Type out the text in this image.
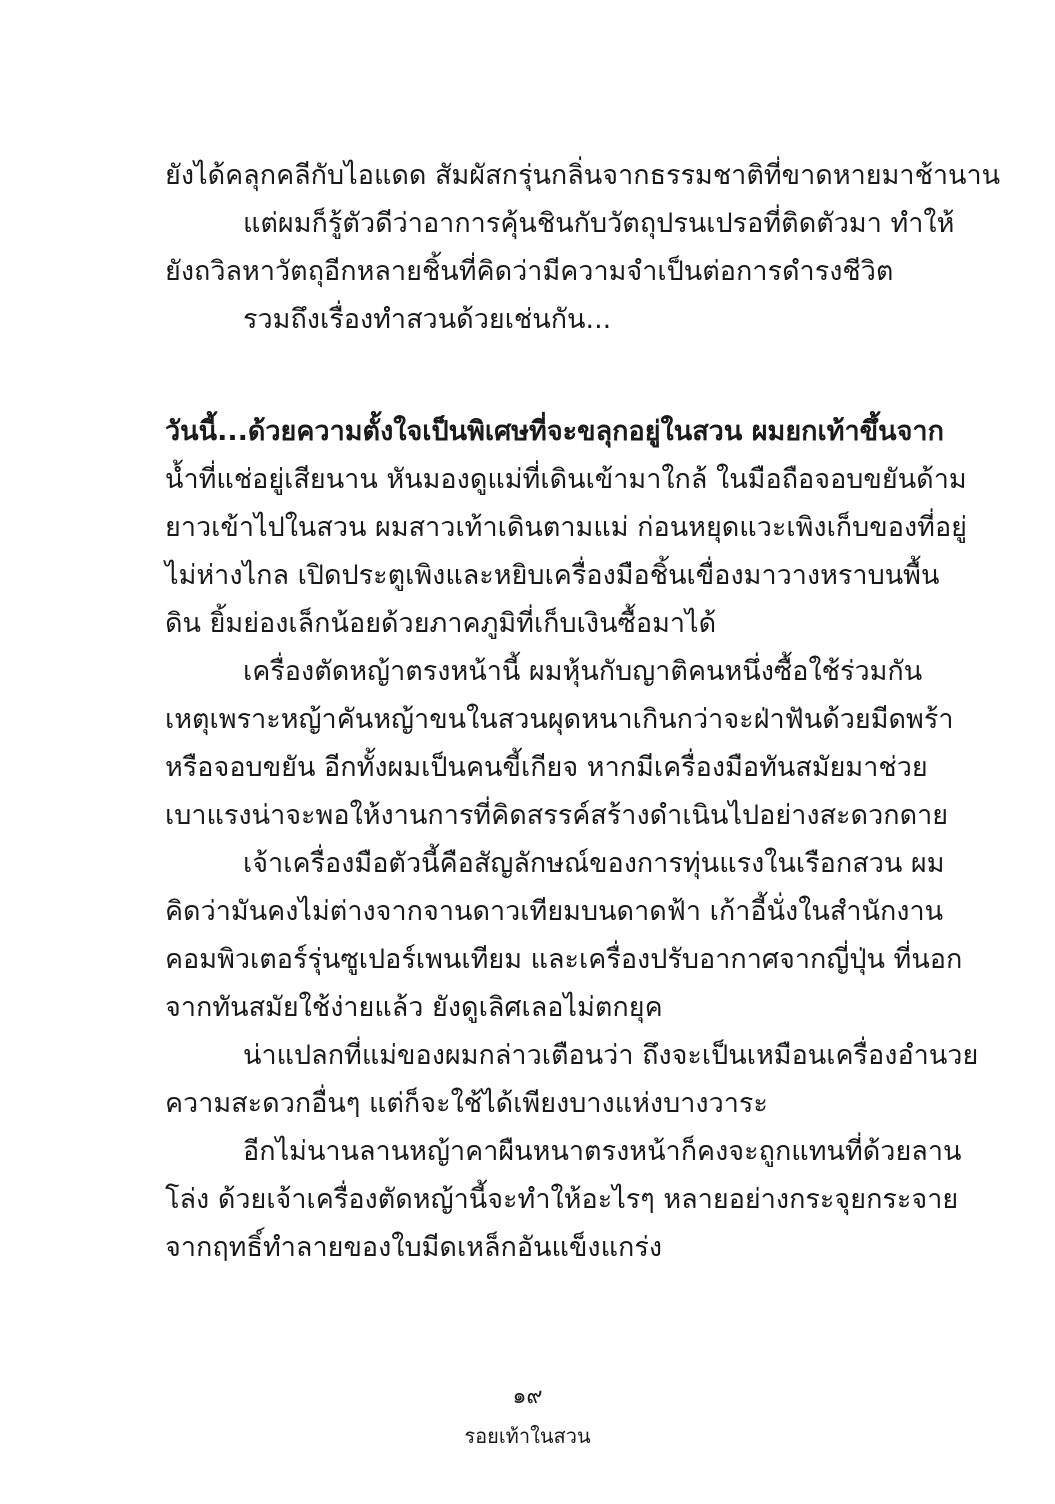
ยังได้คลุกคลีกับไอแดด สัมผัสกรุ่นกลิ่นจากธรรมชาติที่ขาดหายมาช้านาน
แต่ผมก็รู้ตัวดีว่าอาการคุ้นชินกับวัตถุปรนเปรอที่ติดตัวมา ทำให้
ยังถวิลหาวัตถุอีกหลายชิ้นที่คิดว่ามีความจำเป็นต่อการดำรงชีวิต
รวมถึงเรื่องทำสวนด้วยเช่นกัน...
วันนี้...ด้วยความตั้งใจเป็นพิเศษที่จะขลุกอยู่ในสวน ผมยกเท้าขึ้นจาก
น้ำที่แช่อยู่เสียนาน หันมองดูแม่ที่เดินเข้ามาใกล้ ในมือถือจอบขยันด้าม
ยาวเข้าไปในสวน ผมสาวเท้าเดินตามแม่ ก่อนหยุดแวะเพิงเก็บของที่อยู่
ไม่ห่างไกล เปิดประตูเพิงและหยิบเครื่องมือชิ้นเขื่องมาวางหราบนพื้น
ดิน ยิ้มย่องเล็กน้อยด้วยภาคภูมิที่เก็บเงินซื้อมาได้
เครื่องตัดหญ้าตรงหน้านี้ ผมหุ้นกับญาติคนหนึ่งซื้อใช้ร่วมกัน
เหตุเพราะหญ้าคันหญ้าขนในสวนผุดหนาเกินกว่าจะฝ่าฟันด้วยมีดพร้า
หรือจอบขยัน อีกทั้งผมเป็นคนขี้เกียจ หากมีเครื่องมือทันสมัยมาช่วย
เบาแรงน่าจะพอให้งานการที่คิดสรรค์สร้างดำเนินไปอย่างสะดวกดาย
เจ้าเครื่องมือตัวนี้คือสัญลักษณ์ของการทุ่นแรงในเรือกสวน ผม
คิดว่ามันคงไม่ต่างจากจานดาวเทียมบนดาดฟ้า เก้าอี้นั่งในสำนักงาน
คอมพิวเตอร์รุ่นซูเปอร์เพนเทียม และเครื่องปรับอากาศจากญี่ปุ่น ที่นอก
จากทันสมัยใช้ง่ายแล้ว ยังดูเลิศเลอไม่ตกยุค
น่าแปลกที่แม่ของผมกล่าวเตือนว่า ถึงจะเป็นเหมือนเครื่องอำนวย
ความสะดวกอื่นๆ แต่ก็จะใช้ได้เพียงบางแห่งบางวาระ
อีกไม่นานลานหญ้าคาผืนหนาตรงหน้าก็คงจะถูกแทนที่ด้วยลาน
โล่ง ด้วยเจ้าเครื่องตัดหญ้านี้จะทำให้อะไรๆ หลายอย่างกระจุยกระจาย
จากฤทธิ์ทำลายของใบมีดเหล็กอันแข็งแกร่ง
๑๙
รอยเท้าในสวน
